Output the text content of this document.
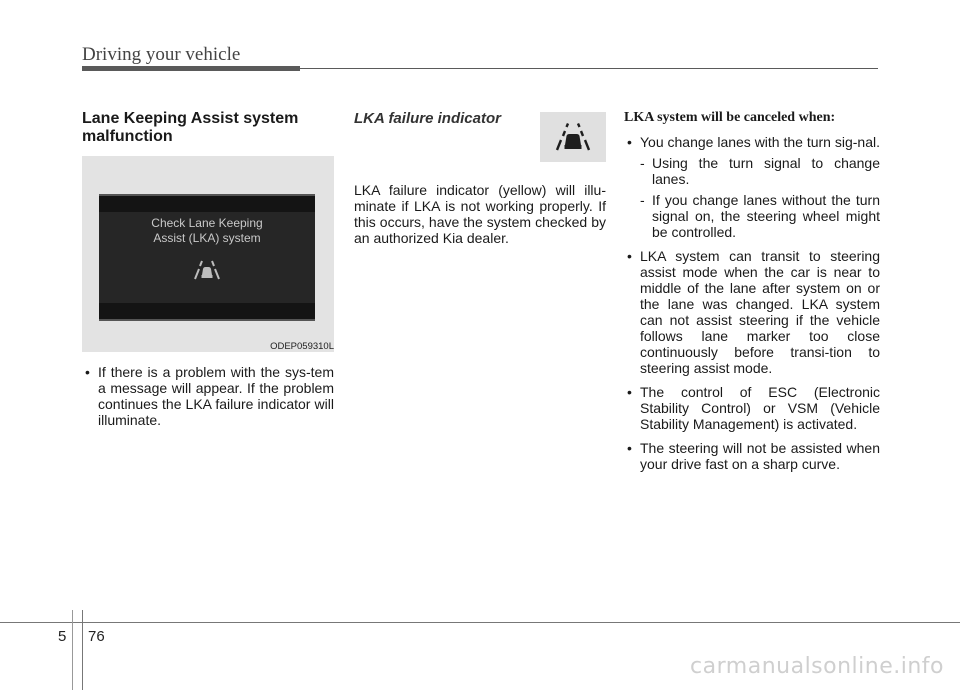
Driving your vehicle
Lane Keeping Assist system malfunction
Check Lane Keeping
Assist (LKA) system
ODEP059310L
• If there is a problem with the sys-tem a message will appear. If the problem continues the LKA failure indicator will illuminate.
LKA failure indicator

LKA failure indicator (yellow) will illu-minate if LKA is not working properly. If this occurs, have the system checked by an authorized Kia dealer.

LKA system will be canceled when:
• You change lanes with the turn sig-nal.
- Using the turn signal to change lanes.
- If you change lanes without the turn signal on, the steering wheel might be controlled.
• LKA system can transit to steering assist mode when the car is near to middle of the lane after system on or the lane was changed. LKA system can not assist steering if the vehicle follows lane marker too close continuously before transi-tion to steering assist mode.
• The control of ESC (Electronic Stability Control) or VSM (Vehicle Stability Management) is activated.
• The steering will not be assisted when your drive fast on a sharp curve.
5 76
carmanualsonline.info
